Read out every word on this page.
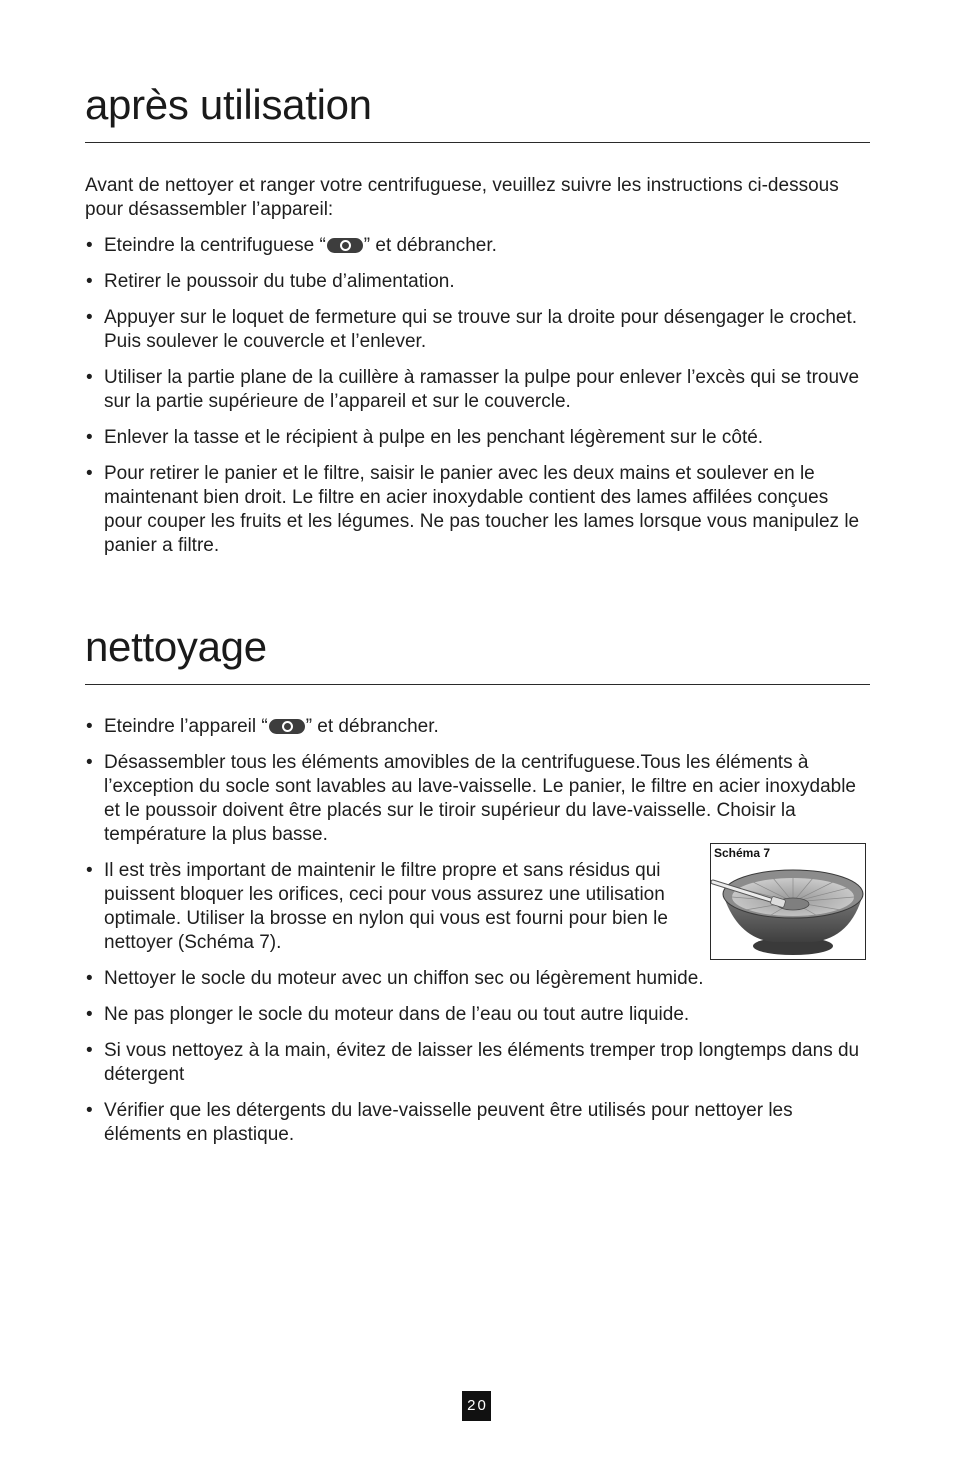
après utilisation

Avant de nettoyer et ranger votre centrifuguese, veuillez suivre les instructions ci-dessous pour désassembler l’appareil:

• Eteindre la centrifuguese “ ” et débrancher.
• Retirer le poussoir du tube d’alimentation.
• Appuyer sur le loquet de fermeture qui se trouve sur la droite pour désengager le crochet. Puis soulever le couvercle et l’enlever.
• Utiliser la partie plane de la cuillère à ramasser la pulpe pour enlever l’excès qui se trouve sur la partie supérieure de l’appareil et sur le couvercle.
• Enlever la tasse et le récipient à pulpe en les penchant légèrement sur le côté.
• Pour retirer le panier et le filtre, saisir le panier avec les deux mains et soulever en le maintenant bien droit. Le filtre en acier inoxydable contient des lames affilées conçues pour couper les fruits et les légumes. Ne pas toucher les lames lorsque vous manipulez le panier a filtre.
nettoyage
• Eteindre l’appareil “ ” et débrancher.
• Désassembler tous les éléments amovibles de la centrifuguese.Tous les éléments à l’exception du socle sont lavables au lave-vaisselle. Le panier, le filtre en acier inoxydable et le poussoir doivent être placés sur le tiroir supérieur du lave-vaisselle. Choisir la température la plus basse.
• Il est très important de maintenir le filtre propre et sans résidus qui puissent bloquer les orifices, ceci pour vous assurez une utilisation optimale. Utiliser la brosse en nylon qui vous est fourni pour bien le nettoyer (Schéma 7).
Schéma 7
• Nettoyer le socle du moteur avec un chiffon sec ou légèrement humide.
• Ne pas plonger le socle du moteur dans de l’eau ou tout autre liquide.
• Si vous nettoyez à la main, évitez de laisser les éléments tremper trop longtemps dans du détergent
• Vérifier que les détergents du lave-vaisselle peuvent être utilisés pour nettoyer les éléments en plastique.
20
